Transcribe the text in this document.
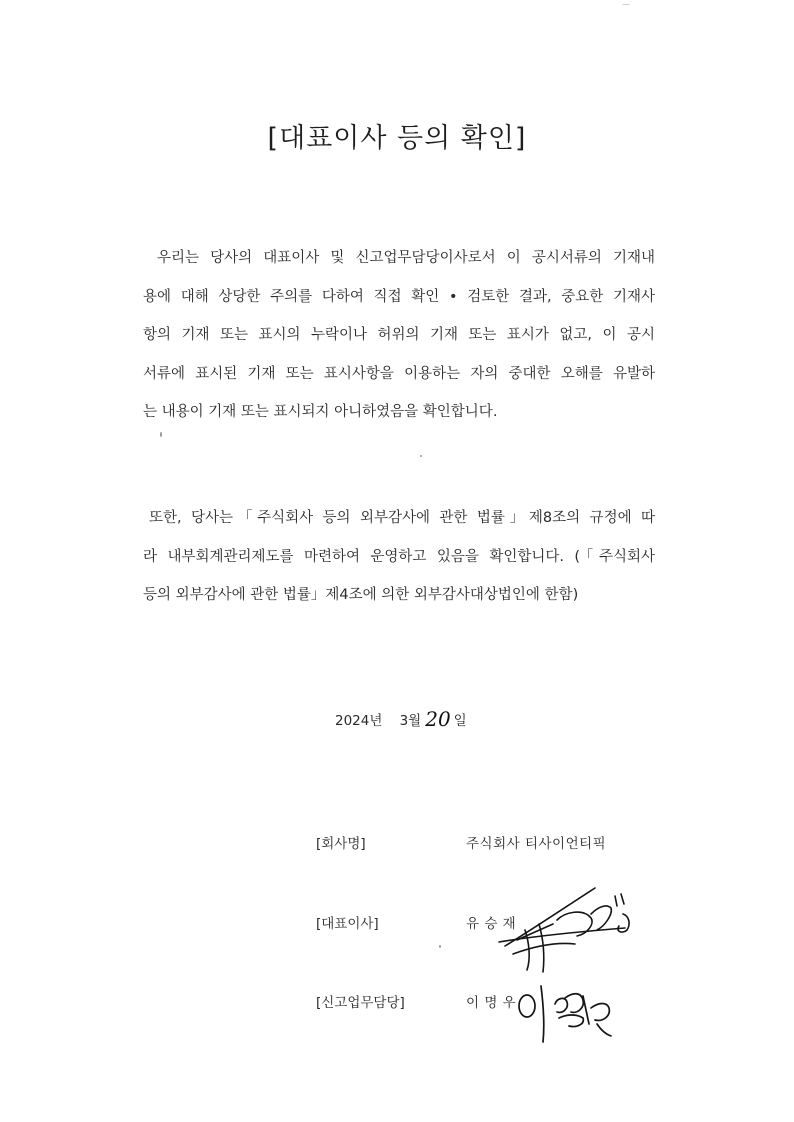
[대표이사 등의 확인]
우리는 당사의 대표이사 및 신고업무담당이사로서 이 공시서류의 기재내
용에 대해 상당한 주의를 다하여 직접 확인 • 검토한 결과, 중요한 기재사
항의 기재 또는 표시의 누락이나 허위의 기재 또는 표시가 없고, 이 공시
서류에 표시된 기재 또는 표시사항을 이용하는 자의 중대한 오해를 유발하
는 내용이 기재 또는 표시되지 아니하였음을 확인합니다.
또한, 당사는「주식회사 등의 외부감사에 관한 법률」제8조의 규정에 따
라 내부회계관리제도를 마련하여 운영하고 있음을 확인합니다. (「주식회사
등의 외부감사에 관한 법률」제4조에 의한 외부감사대상법인에 한함)
2024년 3월 20 일
[회사명]	주식회사 티사이언티픽
[대표이사]	유 승 재
[신고업무담당]	이 명 우
